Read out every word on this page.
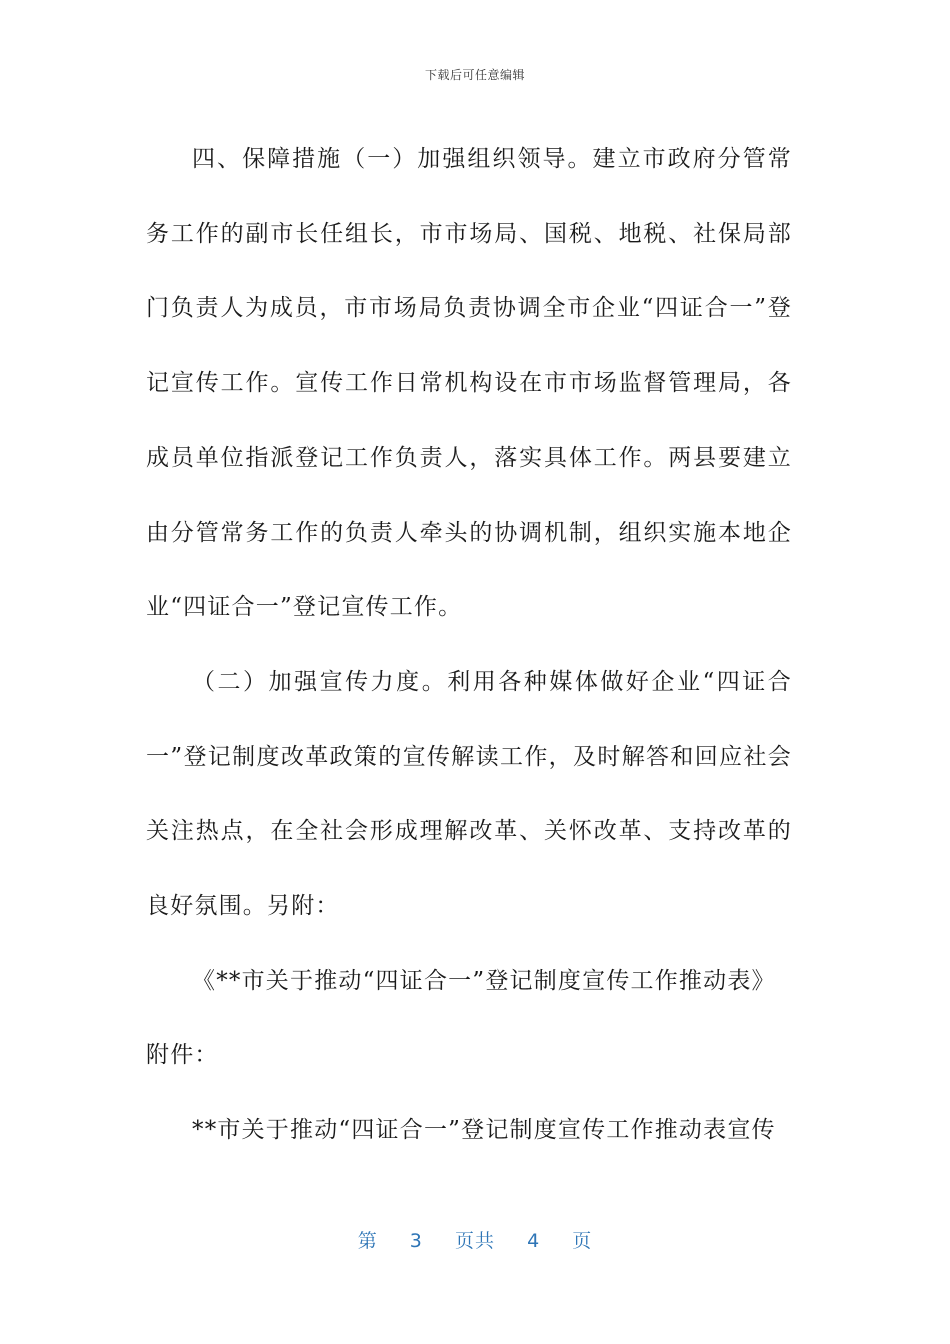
下载后可任意编辑

四、保障措施（一）加强组织领导。建立市政府分管常务工作的副市长任组长，市市场局、国税、地税、社保局部门负责人为成员，市市场局负责协调全市企业“四证合一”登记宣传工作。宣传工作日常机构设在市市场监督管理局，各成员单位指派登记工作负责人，落实具体工作。两县要建立由分管常务工作的负责人牵头的协调机制，组织实施本地企业“四证合一”登记宣传工作。

（二）加强宣传力度。利用各种媒体做好企业“四证合一”登记制度改革政策的宣传解读工作，及时解答和回应社会关注热点，在全社会形成理解改革、关怀改革、支持改革的良好氛围。另附：

《**市关于推动“四证合一”登记制度宣传工作推动表》

附件：

**市关于推动“四证合一”登记制度宣传工作推动表宣传

第 3 页共 4 页
